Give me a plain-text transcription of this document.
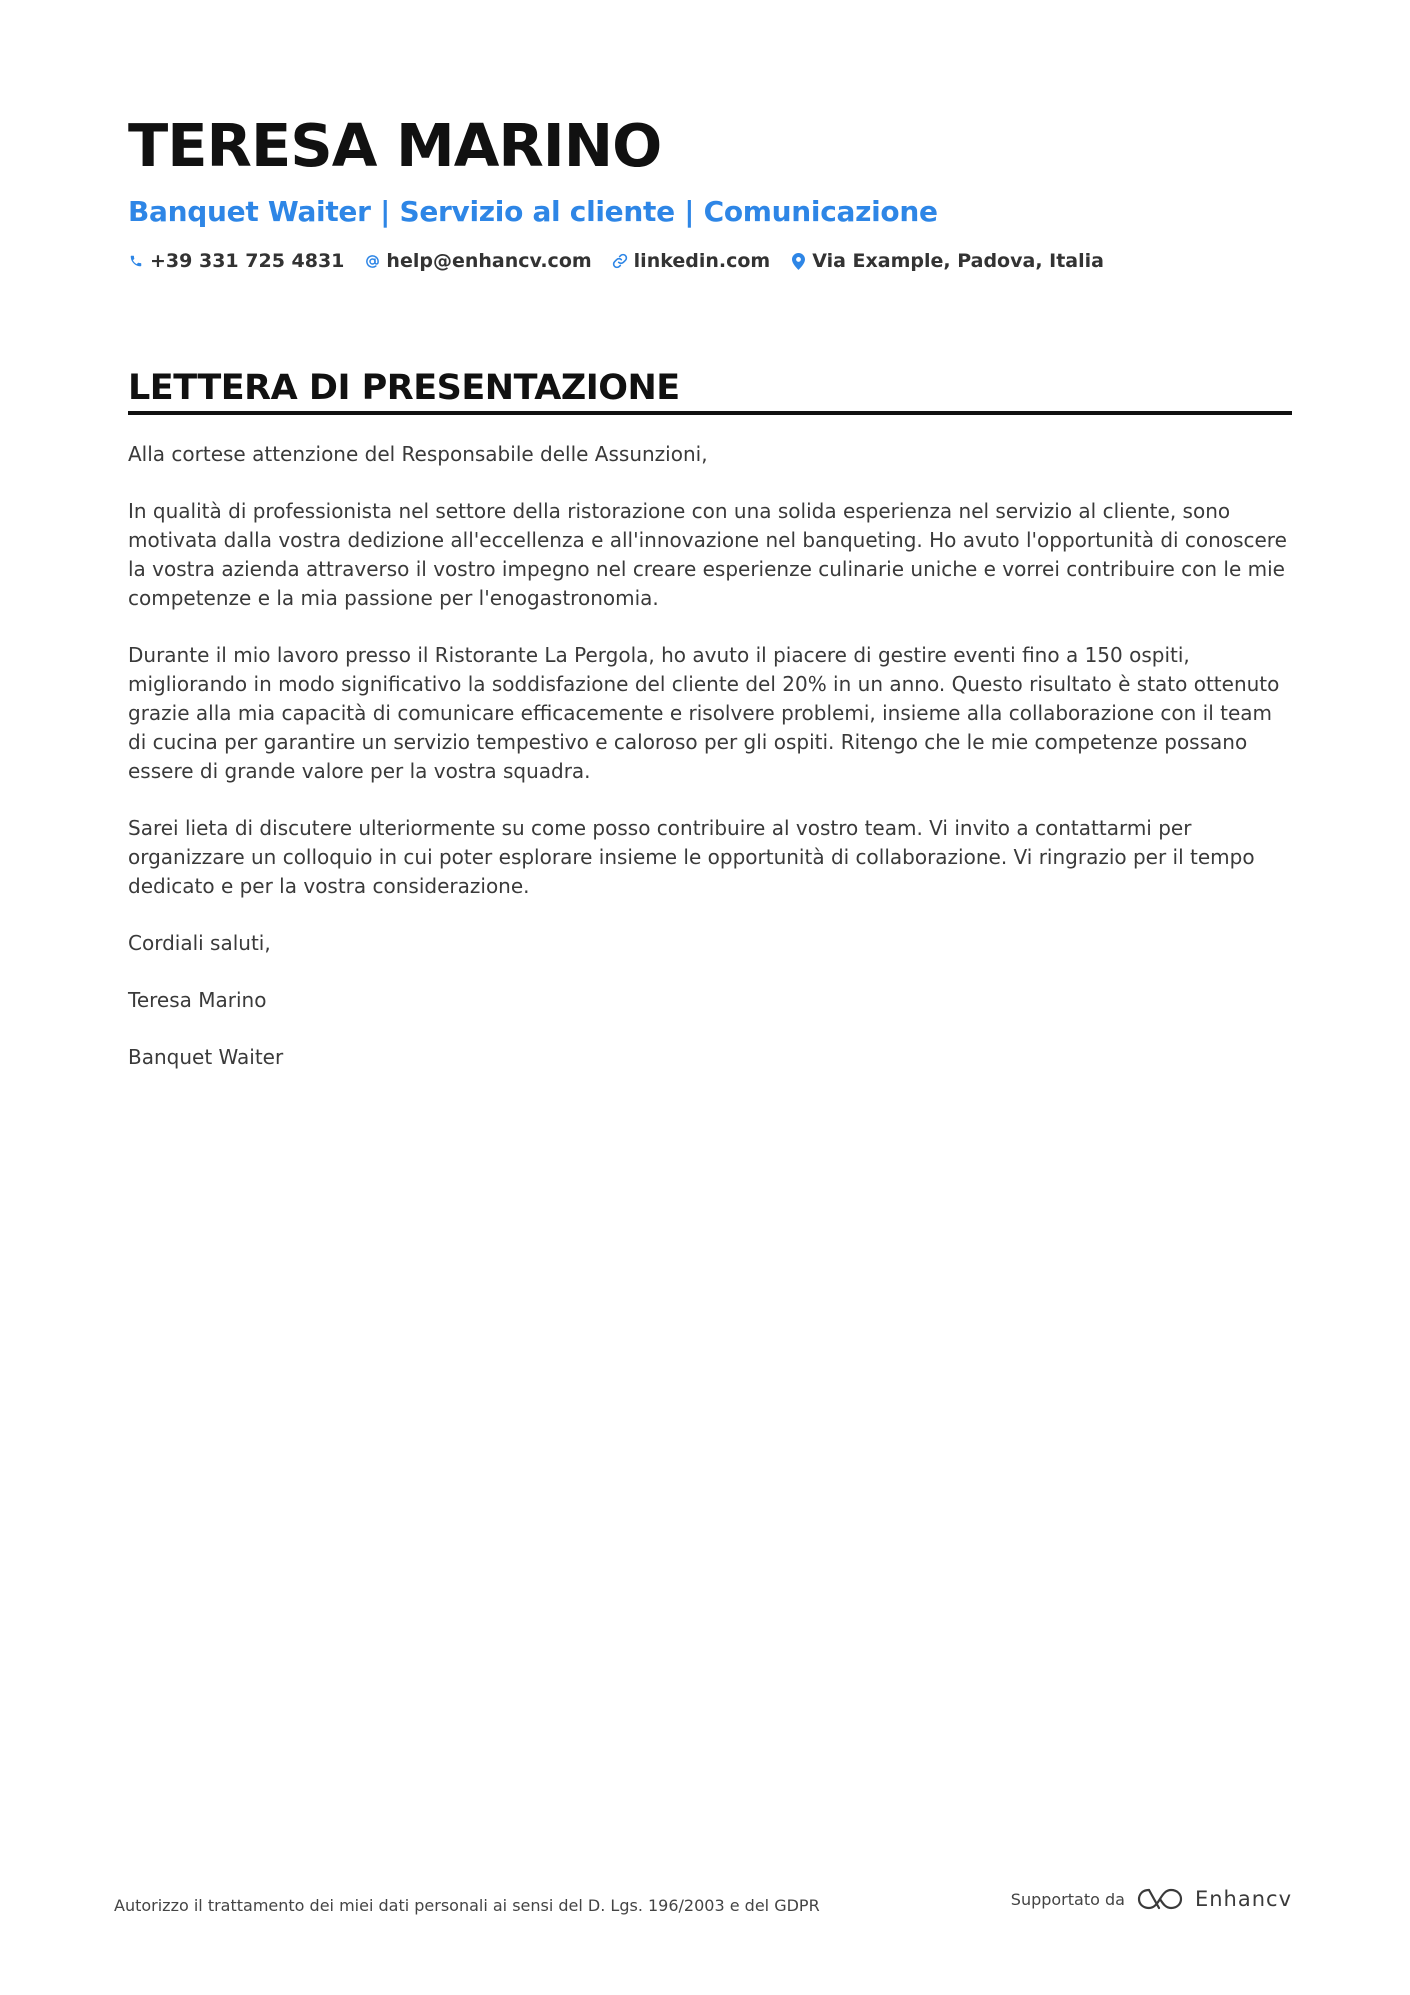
TERESA MARINO
Banquet Waiter | Servizio al cliente | Comunicazione
+39 331 725 4831 help@enhancv.com linkedin.com Via Example, Padova, Italia
LETTERA DI PRESENTAZIONE

Alla cortese attenzione del Responsabile delle Assunzioni,

In qualità di professionista nel settore della ristorazione con una solida esperienza nel servizio al cliente, sono motivata dalla vostra dedizione all'eccellenza e all'innovazione nel banqueting. Ho avuto l'opportunità di conoscere la vostra azienda attraverso il vostro impegno nel creare esperienze culinarie uniche e vorrei contribuire con le mie competenze e la mia passione per l'enogastronomia.

Durante il mio lavoro presso il Ristorante La Pergola, ho avuto il piacere di gestire eventi fino a 150 ospiti, migliorando in modo significativo la soddisfazione del cliente del 20% in un anno. Questo risultato è stato ottenuto grazie alla mia capacità di comunicare efficacemente e risolvere problemi, insieme alla collaborazione con il team di cucina per garantire un servizio tempestivo e caloroso per gli ospiti. Ritengo che le mie competenze possano essere di grande valore per la vostra squadra.

Sarei lieta di discutere ulteriormente su come posso contribuire al vostro team. Vi invito a contattarmi per organizzare un colloquio in cui poter esplorare insieme le opportunità di collaborazione. Vi ringrazio per il tempo dedicato e per la vostra considerazione.

Cordiali saluti,

Teresa Marino

Banquet Waiter

Autorizzo il trattamento dei miei dati personali ai sensi del D. Lgs. 196/2003 e del GDPR	Supportato da	Enhancv
